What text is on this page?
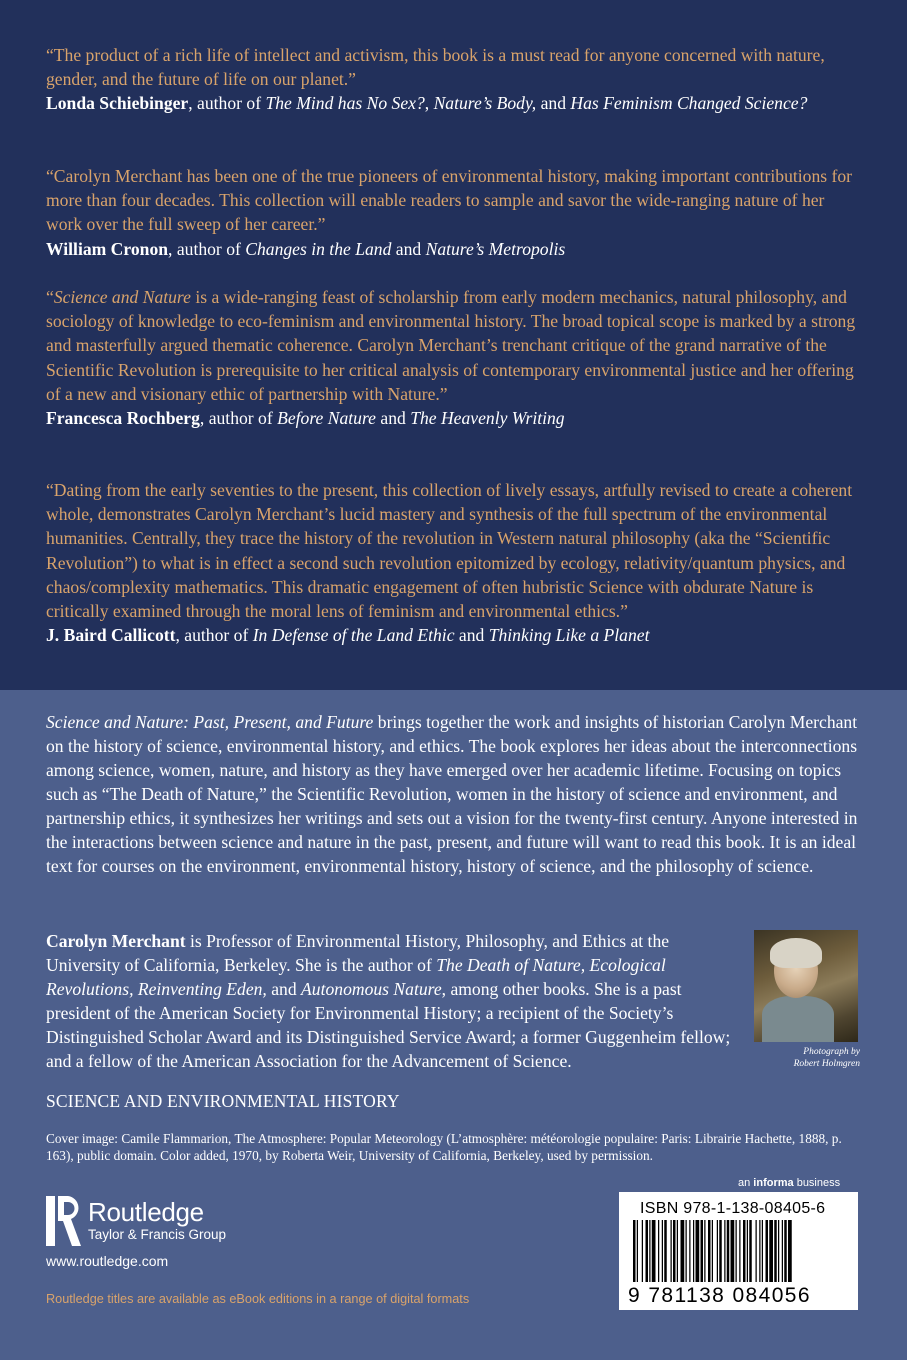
“The product of a rich life of intellect and activism, this book is a must read for anyone concerned with nature, gender, and the future of life on our planet.”
Londa Schiebinger, author of The Mind has No Sex?, Nature’s Body, and Has Feminism Changed Science?
“Carolyn Merchant has been one of the true pioneers of environmental history, making important contributions for more than four decades. This collection will enable readers to sample and savor the wide-ranging nature of her work over the full sweep of her career.”
William Cronon, author of Changes in the Land and Nature’s Metropolis
“Science and Nature is a wide-ranging feast of scholarship from early modern mechanics, natural philosophy, and sociology of knowledge to eco-feminism and environmental history. The broad topical scope is marked by a strong and masterfully argued thematic coherence. Carolyn Merchant’s trenchant critique of the grand narrative of the Scientific Revolution is prerequisite to her critical analysis of contemporary environmental justice and her offering of a new and visionary ethic of partnership with Nature.”
Francesca Rochberg, author of Before Nature and The Heavenly Writing
“Dating from the early seventies to the present, this collection of lively essays, artfully revised to create a coherent whole, demonstrates Carolyn Merchant’s lucid mastery and synthesis of the full spectrum of the environmental humanities. Centrally, they trace the history of the revolution in Western natural philosophy (aka the “Scientific Revolution”) to what is in effect a second such revolution epitomized by ecology, relativity/quantum physics, and chaos/complexity mathematics. This dramatic engagement of often hubristic Science with obdurate Nature is critically examined through the moral lens of feminism and environmental ethics.”
J. Baird Callicott, author of In Defense of the Land Ethic and Thinking Like a Planet
Science and Nature: Past, Present, and Future brings together the work and insights of historian Carolyn Merchant on the history of science, environmental history, and ethics. The book explores her ideas about the interconnections among science, women, nature, and history as they have emerged over her academic lifetime. Focusing on topics such as “The Death of Nature,” the Scientific Revolution, women in the history of science and environment, and partnership ethics, it synthesizes her writings and sets out a vision for the twenty-first century. Anyone interested in the interactions between science and nature in the past, present, and future will want to read this book. It is an ideal text for courses on the environment, environmental history, history of science, and the philosophy of science.
Carolyn Merchant is Professor of Environmental History, Philosophy, and Ethics at the University of California, Berkeley. She is the author of The Death of Nature, Ecological Revolutions, Reinventing Eden, and Autonomous Nature, among other books. She is a past president of the American Society for Environmental History; a recipient of the Society’s Distinguished Scholar Award and its Distinguished Service Award; a former Guggenheim fellow; and a fellow of the American Association for the Advancement of Science.	Photograph by
Robert Holmgren
SCIENCE AND ENVIRONMENTAL HISTORY
Cover image: Camile Flammarion, The Atmosphere: Popular Meteorology (L’atmosphère: météorologie populaire: Paris: Librairie Hachette, 1888, p. 163), public domain. Color added, 1970, by Roberta Weir, University of California, Berkeley, used by permission.
Routledge
Taylor & Francis Group
www.routledge.com
Routledge titles are available as eBook editions in a range of digital formats
an informa business
ISBN 978-1-138-08405-6
9 781138 084056
